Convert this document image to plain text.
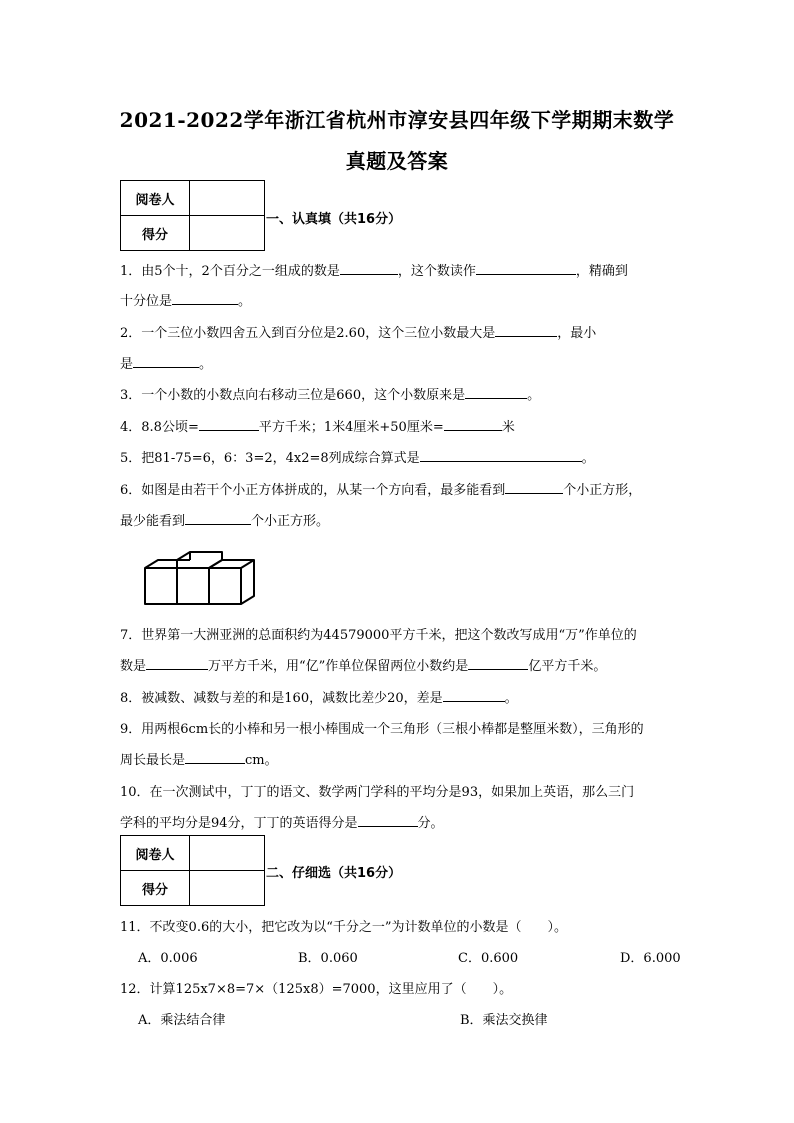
2021-2022学年浙江省杭州市淳安县四年级下学期期末数学
真题及答案
阅卷人	
得分	
一、认真填（共16分）
1．由5个十，2个百分之一组成的数是	，这个数读作	，精确到
十分位是	。
2．一个三位小数四舍五入到百分位是2.60，这个三位小数最大是	，最小
是	。
3．一个小数的小数点向右移动三位是660，这个小数原来是	。
4．8.8公顷=	平方千米；1米4厘米+50厘米=	米
5．把81-75=6，6：3=2，4x2=8列成综合算式是	。
6．如图是由若干个小正方体拼成的，从某一个方向看，最多能看到	个小正方形，
最少能看到	个小正方形。
7．世界第一大洲亚洲的总面积约为44579000平方千米，把这个数改写成用“万”作单位的
数是	万平方千米，用“亿”作单位保留两位小数约是	亿平方千米。
8．被减数、减数与差的和是160，减数比差少20，差是	。
9．用两根6cm长的小棒和另一根小棒围成一个三角形（三根小棒都是整厘米数），三角形的
周长最长是	cm。
10．在一次测试中，丁丁的语文、数学两门学科的平均分是93，如果加上英语，那么三门
学科的平均分是94分，丁丁的英语得分是	分。
阅卷人	
得分	
二、仔细选（共16分）
11．不改变0.6的大小，把它改为以“千分之一”为计数单位的小数是（　　）。
A．0.006	B．0.060	C．0.600	D．6.000
12．计算125x7×8=7×（125x8）=7000，这里应用了（　　）。
A．乘法结合律	B．乘法交换律
